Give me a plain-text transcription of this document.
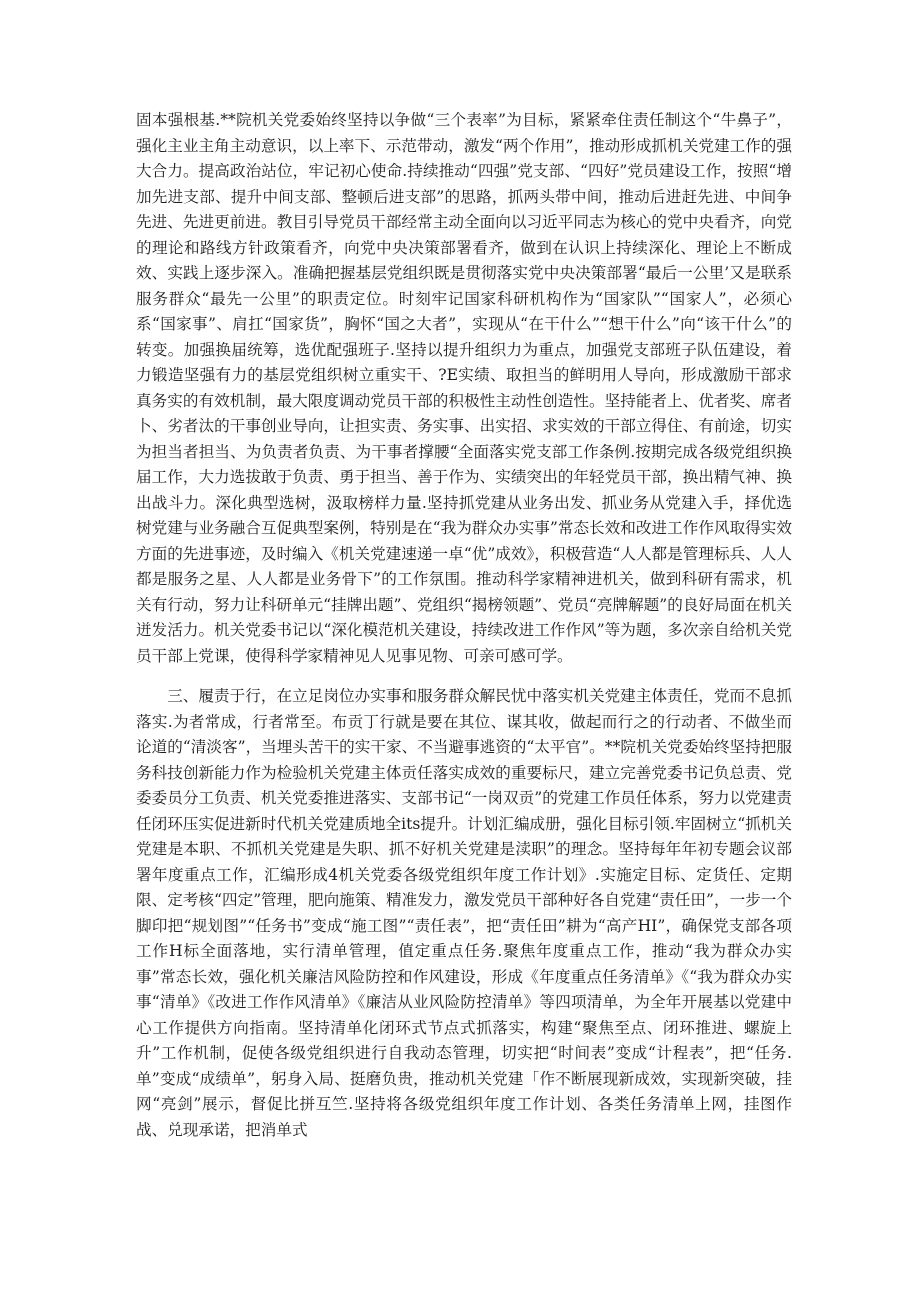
固本强根基.**院机关党委始终坚持以争做“三个表率”为目标，紧紧牵住责任制这个“牛鼻子”，强化主业主角主动意识，以上率下、示范带动，激发“两个作用”，推动形成抓机关党建工作的强大合力。提高政治站位，牢记初心使命.持续推动“四强”党支部、“四好”党员建设工作，按照“增加先进支部、提升中间支部、整顿后进支部”的思路，抓两头带中间，推动后进赶先进、中间争先进、先进更前进。教目引导党员干部经常主动全面向以习近平同志为核心的党中央看齐，向党的理论和路线方针政策看齐，向党中央决策部署看齐，做到在认识上持续深化、理论上不断成效、实践上逐步深入。准确把握基层党组织既是贯彻落实党中央决策部署“最后一公里’又是联系服务群众“最先一公里”的职责定位。时刻牢记国家科研机构作为“国家队”“国家人”，必须心系“国家事”、肩扛“国家货”，胸怀“国之大者”，实现从“在干什么”“想干什么”向“该干什么”的转变。加强换届统筹，选优配强班子.坚持以提升组织力为重点，加强党支部班子队伍建设，着力锻造坚强有力的基层党组织树立重实干、?E实绩、取担当的鲜明用人导向，形成激励干部求真务实的有效机制，最大限度调动党员干部的积极性主动性创造性。坚持能者上、优者奖、席者卜、劣者汰的干事创业导向，让担实责、务实事、出实招、求实效的干部立得住、有前途，切实为担当者担当、为负责者负责、为干事者撑腰“全面落实党支部工作条例.按期完成各级党组织换届工作，大力选拔敢于负责、勇于担当、善于作为、实绩突出的年轻党员干部，换出精气神、换出战斗力。深化典型选树，汲取榜样力量.坚持抓党建从业务出发、抓业务从党建入手，择优选树党建与业务融合互促典型案例，特别是在“我为群众办实事”常态长效和改进工作作风取得实效方面的先进事迹，及时编入《机关党建速递一卓“优”成效》，积极营造“人人都是管理标兵、人人都是服务之星、人人都是业务骨下”的工作氛围。推动科学家精神进机关，做到科研有需求，机关有行动，努力让科研单元“挂牌出题”、党组织“揭榜领题”、党员“亮牌解题”的良好局面在机关迸发活力。机关党委书记以“深化模范机关建设，持续改进工作作风”等为题，多次亲自给机关党员干部上党课，使得科学家精神见人见事见物、可亲可感可学。

三、履责于行，在立足岗位办实事和服务群众解民忧中落实机关党建主体责任，党而不息抓落实.为者常成，行者常至。布贡丁行就是要在其位、谋其收，做起而行之的行动者、不做坐而论道的“清淡客”，当埋头苦干的实干家、不当避事逃资的“太平官”。**院机关党委始终坚持把服务科技创新能力作为检验机关党建主体贡任落实成效的重要标尺，建立完善党委书记负总责、党委委员分工负责、机关党委推进落实、支部书记“一岗双贡”的党建工作员任体系，努力以党建责任闭环压实促进新时代机关党建质地全its提升。计划汇编成册，强化目标引领.牢固树立“抓机关党建是本职、不抓机关党建是失职、抓不好机关党建是渎职”的理念。坚持每年年初专题会议部署年度重点工作，汇编形成4机关党委各级党组织年度工作计划》.实施定目标、定货任、定期限、定考核“四定”管理，肥向施策、精准发力，激发党员干部种好各自党建“责任田”，一步一个脚印把“规划图”“任务书”变成“施工图”“责任表”，把“责任田”耕为“高产HI”，确保党支部各项工作H标全面落地，实行清单管理，值定重点任务.聚焦年度重点工作，推动“我为群众办实事”常态长效，强化机关廉洁风险防控和作风建设，形成《年度重点任务清单》《“我为群众办实事“清单》《改进工作作风清单》《廉洁从业风险防控清单》等四项清单，为全年开展基以党建中心工作提供方向指南。坚持清单化闭环式节点式抓落实，构建“聚焦至点、闭环推进、螺旋上升”工作机制，促使各级党组织进行自我动态管理，切实把“时间表”变成“计程表”，把“任务.单”变成“成绩单”，躬身入局、挺磨负贵，推动机关党建「作不断展现新成效，实现新突破，挂网“亮剑”展示，督促比拼互竺.坚持将各级党组织年度工作计划、各类任务清单上网，挂图作战、兑现承诺，把消单式
